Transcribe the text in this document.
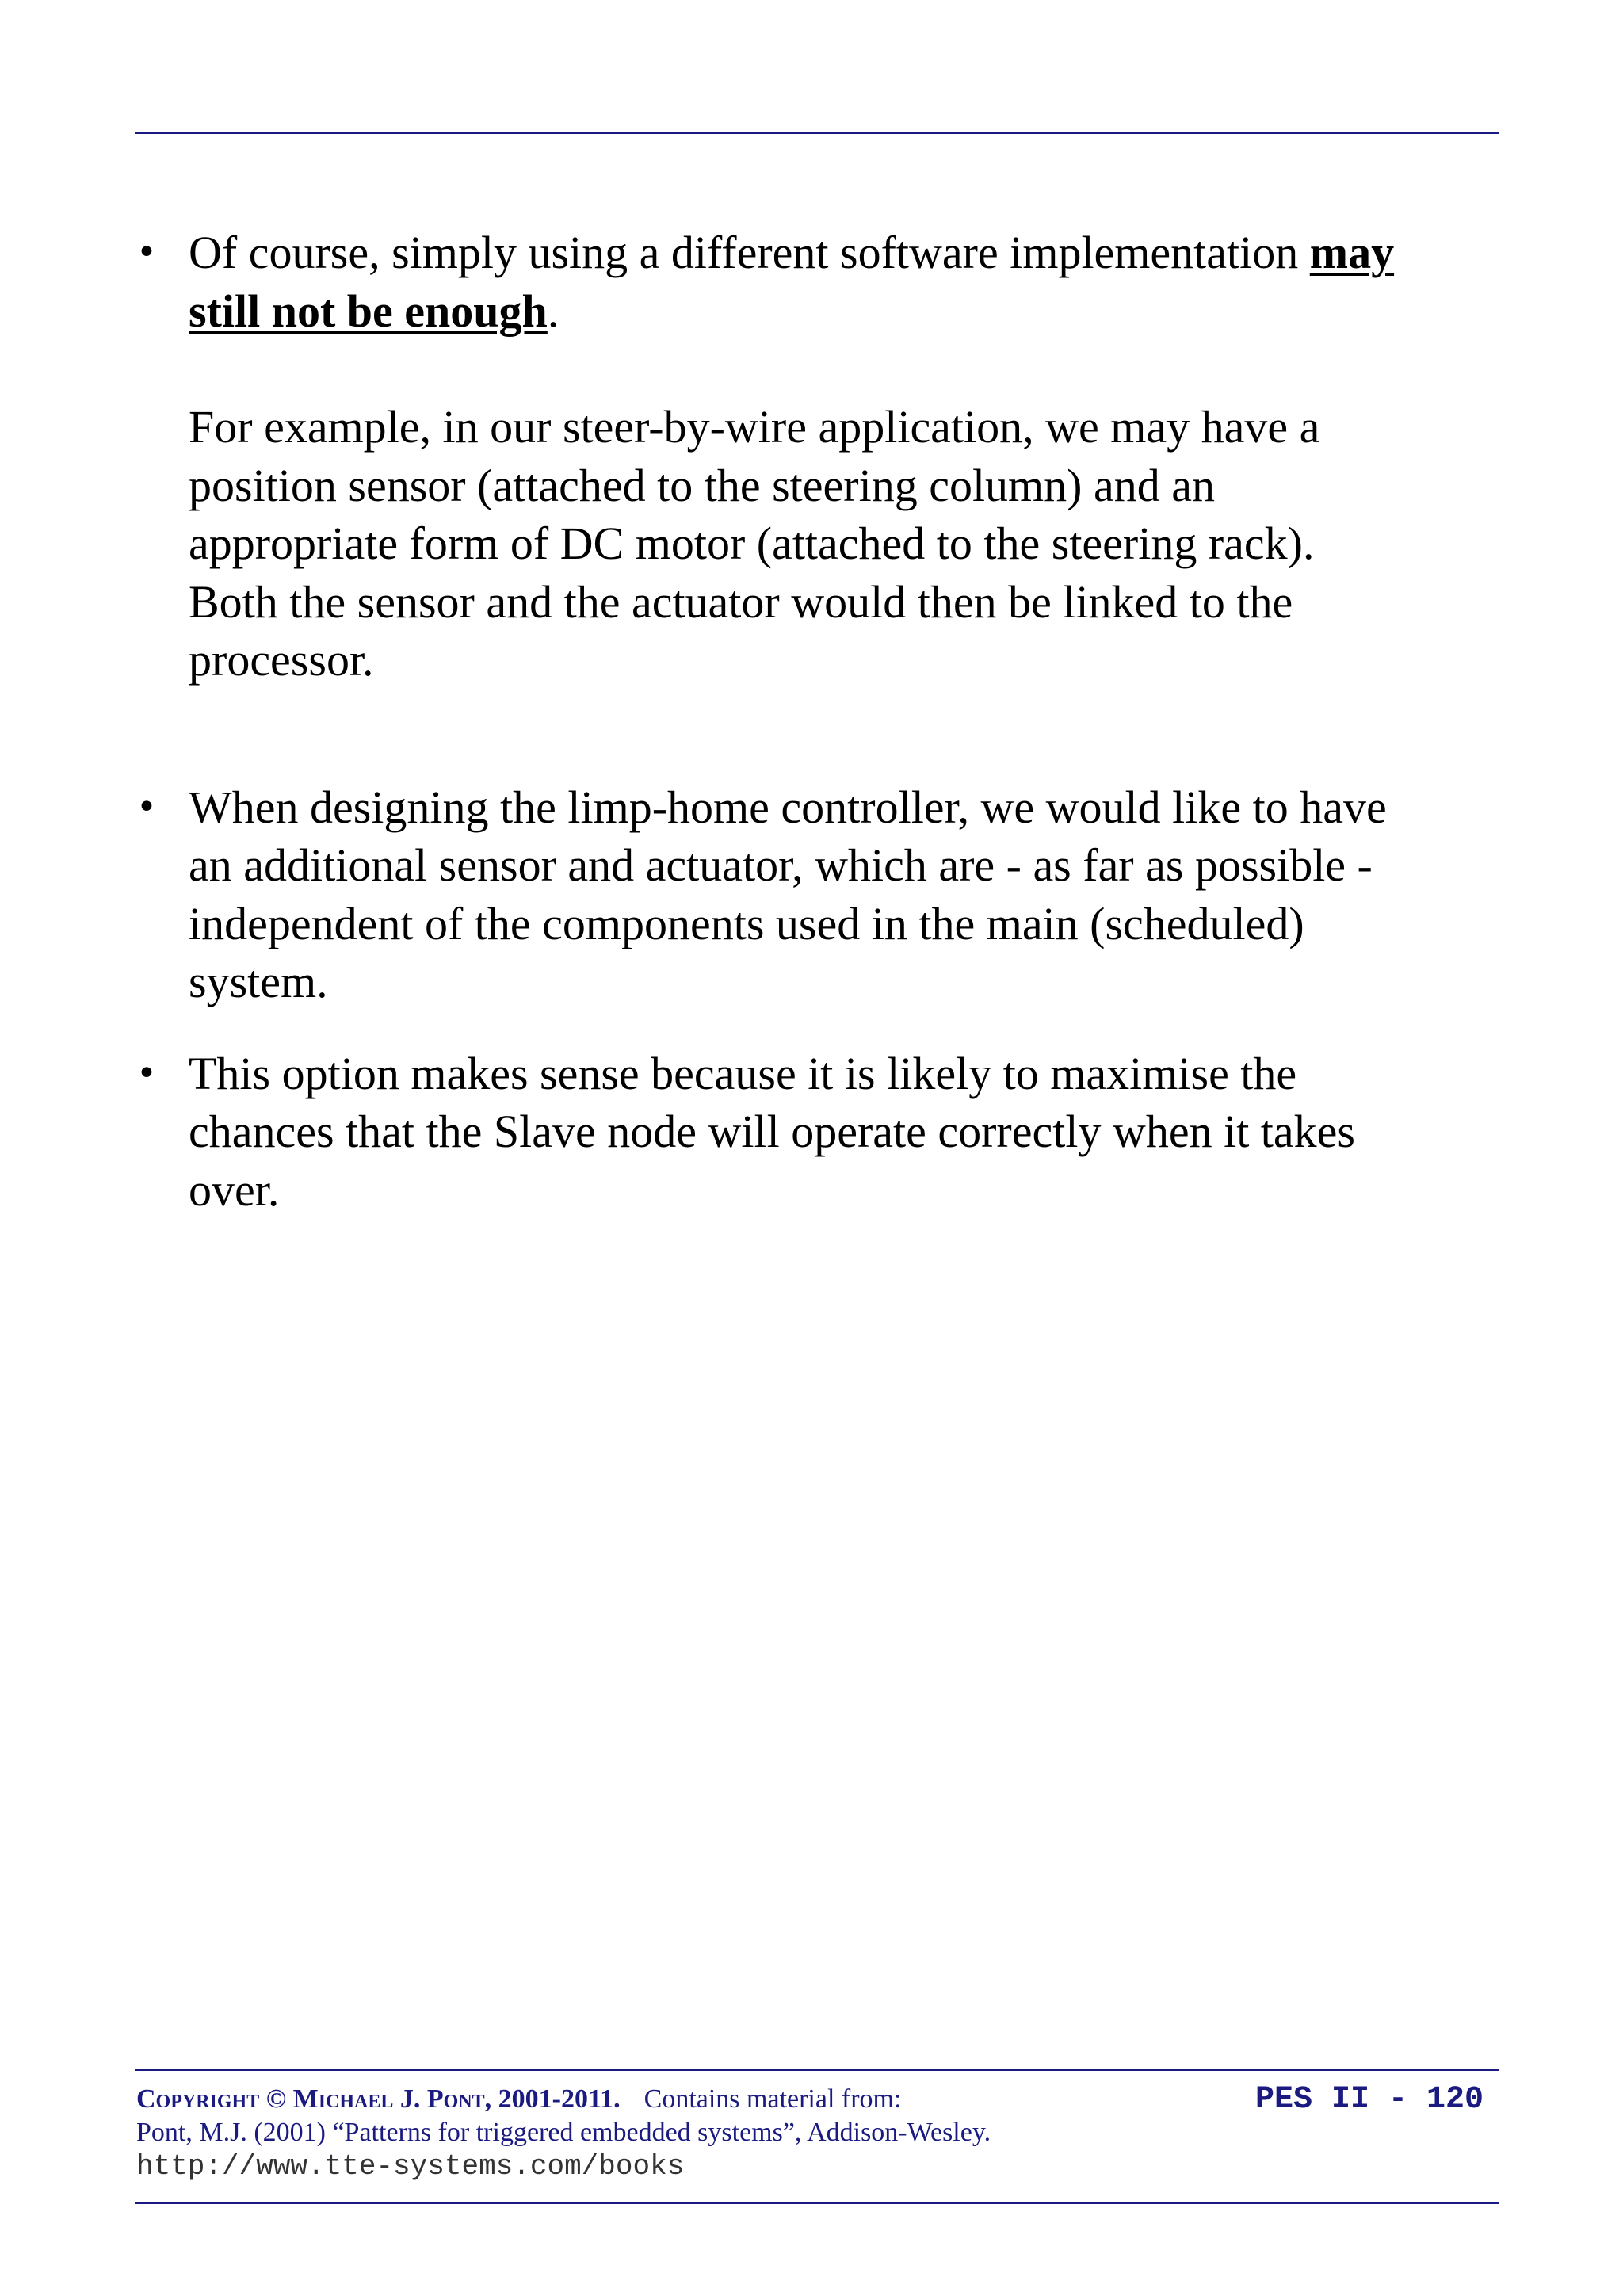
• Of course, simply using a different software implementation may still not be enough.

For example, in our steer-by-wire application, we may have a position sensor (attached to the steering column) and an appropriate form of DC motor (attached to the steering rack). Both the sensor and the actuator would then be linked to the processor.

• When designing the limp-home controller, we would like to have an additional sensor and actuator, which are - as far as possible - independent of the components used in the main (scheduled) system.

• This option makes sense because it is likely to maximise the chances that the Slave node will operate correctly when it takes over.

Copyright © Michael J. Pont, 2001-2011. Contains material from:
Pont, M.J. (2001) “Patterns for triggered embedded systems”, Addison-Wesley.
http://www.tte-systems.com/books
PES II - 120
